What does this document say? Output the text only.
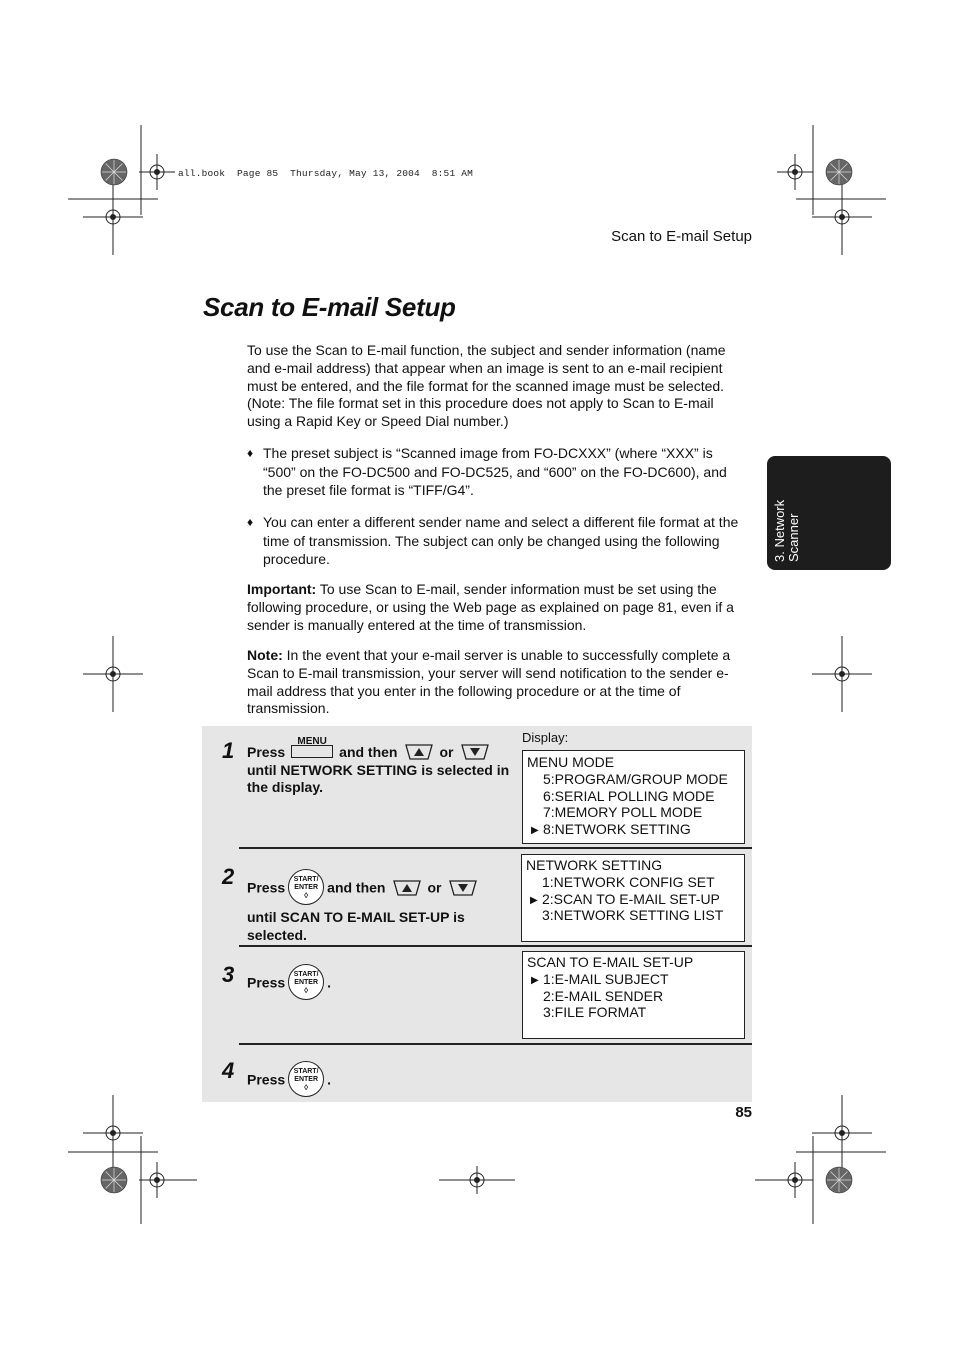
all.book  Page 85  Thursday, May 13, 2004  8:51 AM
Scan to E-mail Setup
Scan to E-mail Setup
To use the Scan to E-mail function, the subject and sender information (name and e-mail address) that appear when an image is sent to an e-mail recipient must be entered, and the file format for the scanned image must be selected. (Note: The file format set in this procedure does not apply to Scan to E-mail using a Rapid Key or Speed Dial number.)
♦ The preset subject is “Scanned image from FO-DCXXX” (where “XXX” is “500” on the FO-DC500 and FO-DC525, and “600” on the FO-DC600), and the preset file format is “TIFF/G4”.
♦ You can enter a different sender name and select a different file format at the time of transmission. The subject can only be changed using the following procedure.
Important: To use Scan to E-mail, sender information must be set using the following procedure, or using the Web page as explained on page 81, even if a sender is manually entered at the time of transmission.
Note: In the event that your e-mail server is unable to successfully complete a Scan to E-mail transmission, your server will send notification to the sender e-mail address that you enter in the following procedure or at the time of transmission.
3. Network Scanner
Display:
1 Press
MENU
and then	or
until NETWORK SETTING is selected in the display.
MENU MODE
5:PROGRAM/GROUP MODE
6:SERIAL POLLING MODE
7:MEMORY POLL MODE
▶ 8:NETWORK SETTING
2 Press
START/
ENTER
◊	and then	or

until SCAN TO E-MAIL SET-UP is selected.
NETWORK SETTING
1:NETWORK CONFIG SET
▶ 2:SCAN TO E-MAIL SET-UP
3:NETWORK SETTING LIST
3 Press
START/
ENTER
◊	.
SCAN TO E-MAIL SET-UP
▶ 1:E-MAIL SUBJECT
2:E-MAIL SENDER
3:FILE FORMAT
4 Press
START/
ENTER
◊	.
85
